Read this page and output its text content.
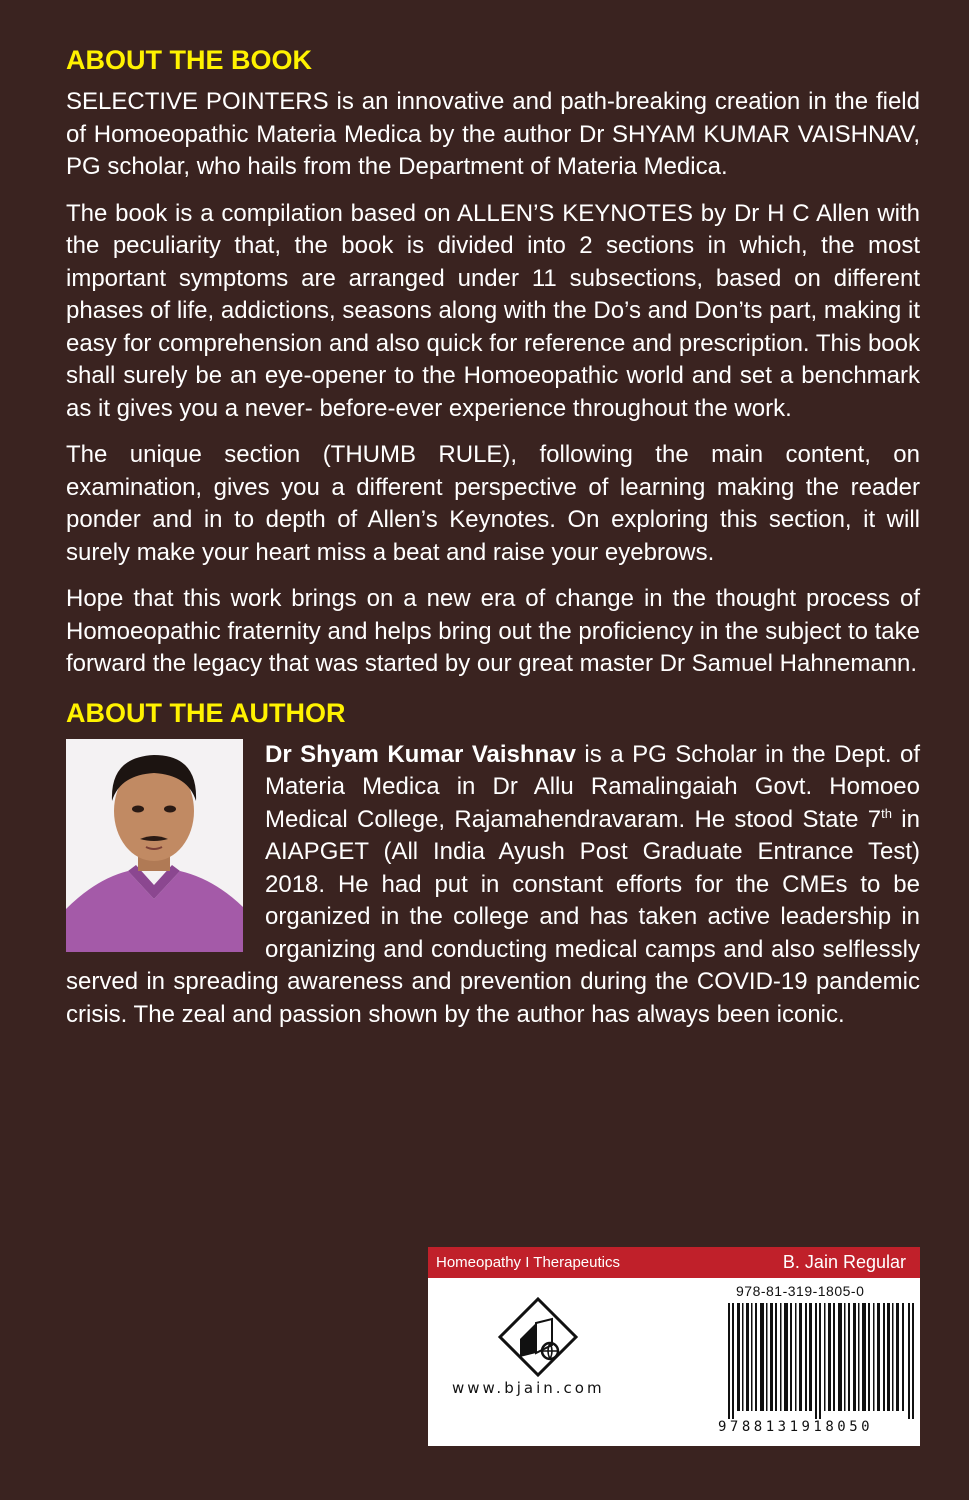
ABOUT THE BOOK

SELECTIVE POINTERS is an innovative and path-breaking creation in the field of Homoeopathic Materia Medica by the author Dr SHYAM KUMAR VAISHNAV, PG scholar, who hails from the Department of Materia Medica.

The book is a compilation based on ALLEN’S KEYNOTES by Dr H C Allen with the peculiarity that, the book is divided into 2 sections in which, the most important symptoms are arranged under 11 subsections, based on different phases of life, addictions, seasons along with the Do’s and Don’ts part, making it easy for comprehension and also quick for reference and prescription. This book shall surely be an eye-opener to the Homoeopathic world and set a benchmark as it gives you a never- before-ever experience throughout the work.

The unique section (THUMB RULE), following the main content, on examination, gives you a different perspective of learning making the reader ponder and in to depth of Allen’s Keynotes. On exploring this section, it will surely make your heart miss a beat and raise your eyebrows.

Hope that this work brings on a new era of change in the thought process of Homoeopathic fraternity and helps bring out the proficiency in the subject to take forward the legacy that was started by our great master Dr Samuel Hahnemann.

ABOUT THE AUTHOR
Dr Shyam Kumar Vaishnav is a PG Scholar in the Dept. of Materia Medica in Dr Allu Ramalingaiah Govt. Homoeo Medical College, Rajamahendravaram. He stood State 7th in AIAPGET (All India Ayush Post Graduate Entrance Test) 2018. He had put in constant efforts for the CMEs to be organized in the college and has taken active leadership in organizing and conducting medical camps and also selflessly served in spreading awareness and prevention during the COVID-19 pandemic crisis. The zeal and passion shown by the author has always been iconic.
Homeopathy I Therapeutics	B. Jain Regular
www.bjain.com
978-81-319-1805-0
9788131918050
